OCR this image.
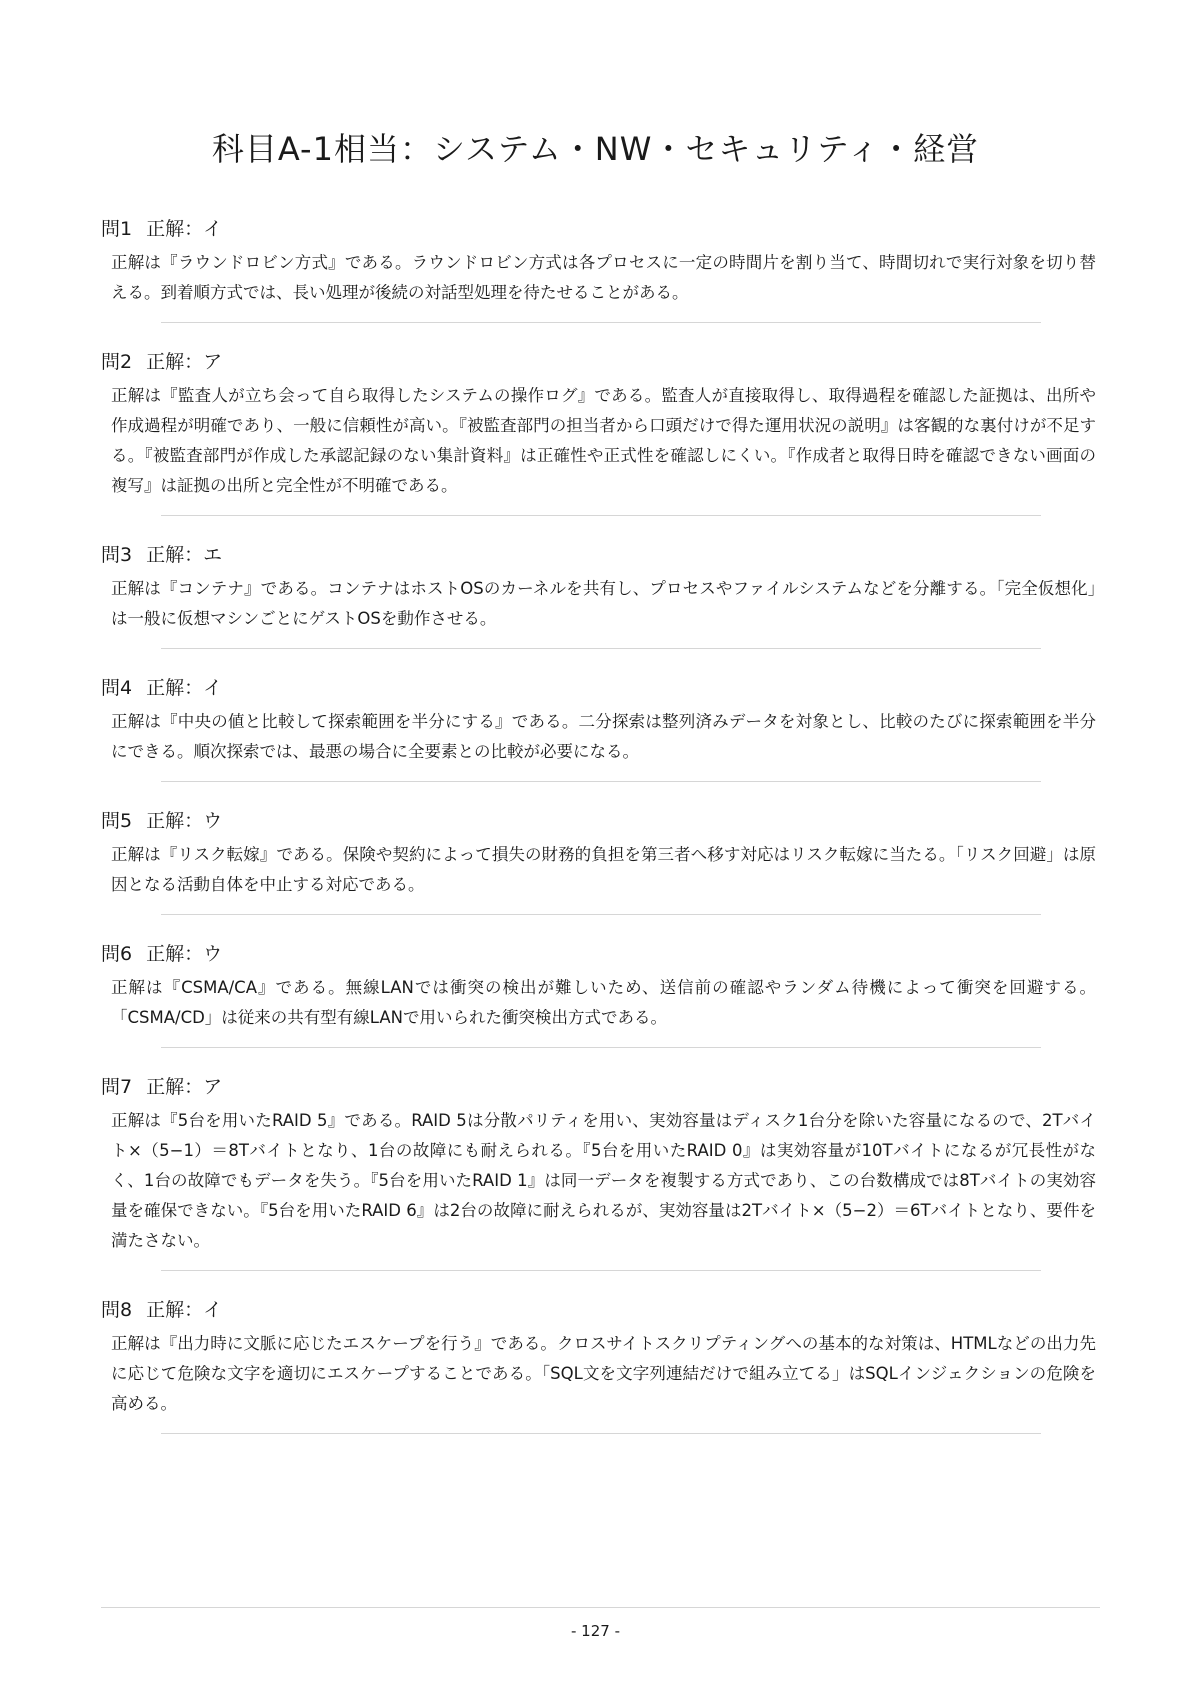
科目A-1相当：システム・NW・セキュリティ・経営
問1 正解：イ

正解は『ラウンドロビン方式』である。ラウンドロビン方式は各プロセスに一定の時間片を割り当て、時間切れで実行対象を切り替える。到着順方式では、長い処理が後続の対話型処理を待たせることがある。

問2 正解：ア

正解は『監査人が立ち会って自ら取得したシステムの操作ログ』である。監査人が直接取得し、取得過程を確認した証拠は、出所や作成過程が明確であり、一般に信頼性が高い。『被監査部門の担当者から口頭だけで得た運用状況の説明』は客観的な裏付けが不足する。『被監査部門が作成した承認記録のない集計資料』は正確性や正式性を確認しにくい。『作成者と取得日時を確認できない画面の複写』は証拠の出所と完全性が不明確である。

問3 正解：エ

正解は『コンテナ』である。コンテナはホストOSのカーネルを共有し、プロセスやファイルシステムなどを分離する。「完全仮想化」は一般に仮想マシンごとにゲストOSを動作させる。

問4 正解：イ

正解は『中央の値と比較して探索範囲を半分にする』である。二分探索は整列済みデータを対象とし、比較のたびに探索範囲を半分にできる。順次探索では、最悪の場合に全要素との比較が必要になる。

問5 正解：ウ

正解は『リスク転嫁』である。保険や契約によって損失の財務的負担を第三者へ移す対応はリスク転嫁に当たる。「リスク回避」は原因となる活動自体を中止する対応である。

問6 正解：ウ

正解は『CSMA/CA』である。無線LANでは衝突の検出が難しいため、送信前の確認やランダム待機によって衝突を回避する。「CSMA/CD」は従来の共有型有線LANで用いられた衝突検出方式である。

問7 正解：ア

正解は『5台を用いたRAID 5』である。RAID 5は分散パリティを用い、実効容量はディスク1台分を除いた容量になるので、2Tバイト×（5−1）＝8Tバイトとなり、1台の故障にも耐えられる。『5台を用いたRAID 0』は実効容量が10Tバイトになるが冗長性がなく、1台の故障でもデータを失う。『5台を用いたRAID 1』は同一データを複製する方式であり、この台数構成では8Tバイトの実効容量を確保できない。『5台を用いたRAID 6』は2台の故障に耐えられるが、実効容量は2Tバイト×（5−2）＝6Tバイトとなり、要件を満たさない。

問8 正解：イ

正解は『出力時に文脈に応じたエスケープを行う』である。クロスサイトスクリプティングへの基本的な対策は、HTMLなどの出力先に応じて危険な文字を適切にエスケープすることである。「SQL文を文字列連結だけで組み立てる」はSQLインジェクションの危険を高める。

- 127 -
